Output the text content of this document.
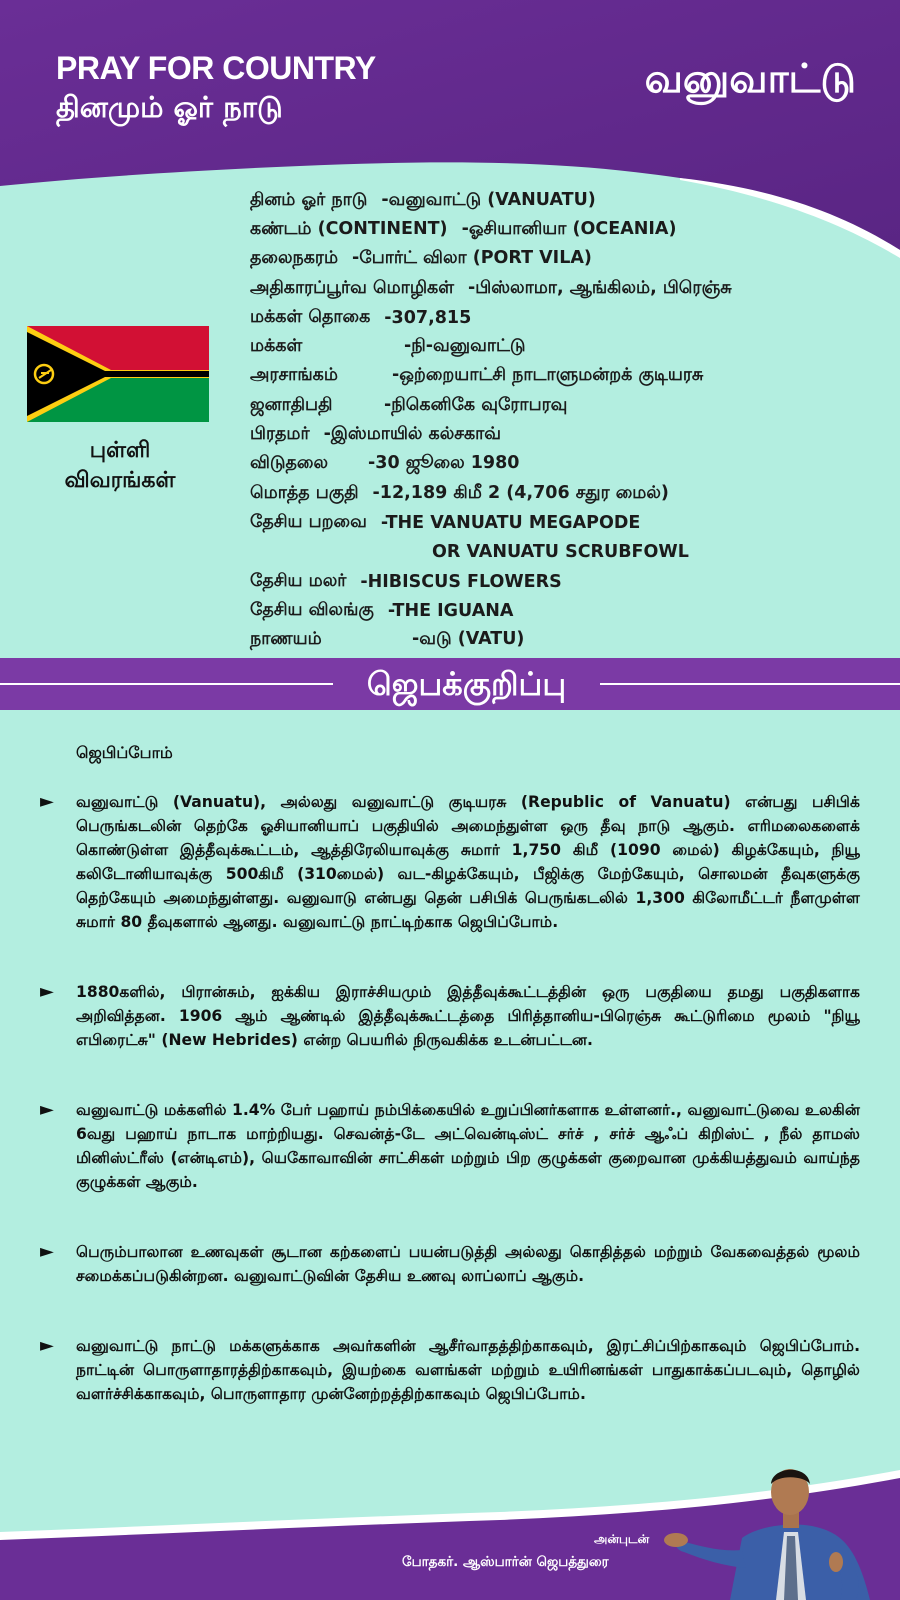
PRAY FOR COUNTRY
தினமும் ஓர் நாடு
வனுவாட்டு
புள்ளி
விவரங்கள்
தினம் ஓர் நாடு -வனுவாட்டு (VANUATU)
கண்டம் (CONTINENT) -ஓசியானியா (OCEANIA)
தலைநகரம் -போர்ட் விலா (PORT VILA)
அதிகாரப்பூர்வ மொழிகள் -பிஸ்லாமா, ஆங்கிலம், பிரெஞ்சு
மக்கள் தொகை -307,815
மக்கள்	-நி-வனுவாட்டு
அரசாங்கம்	-ஒற்றையாட்சி நாடாளுமன்றக் குடியரசு
ஜனாதிபதி	-நிகெனிகே வுரோபரவு
பிரதமர் -இஸ்மாயில் கல்சகாவ்
விடுதலை	-30 ஜூலை 1980
மொத்த பகுதி -12,189 கிமீ 2 (4,706 சதுர மைல்)
தேசிய பறவை -THE VANUATU MEGAPODE
OR VANUATU SCRUBFOWL
தேசிய மலர் -HIBISCUS FLOWERS
தேசிய விலங்கு -THE IGUANA
நாணயம்	-வடு (VATU)
ஜெபக்குறிப்பு
ஜெபிப்போம்
► வனுவாட்டு (Vanuatu), அல்லது வனுவாட்டு குடியரசு (Republic of Vanuatu) என்பது பசிபிக் பெருங்கடலின் தெற்கே ஓசியானியாப் பகுதியில் அமைந்துள்ள ஒரு தீவு நாடு ஆகும். எரிமலைகளைக் கொண்டுள்ள இத்தீவுக்கூட்டம், ஆத்திரேலியாவுக்கு சுமார் 1,750 கிமீ (1090 மைல்) கிழக்கேயும், நியூ கலிடோனியாவுக்கு 500கிமீ (310மைல்) வட-கிழக்கேயும், பீஜிக்கு மேற்கேயும், சொலமன் தீவுகளுக்கு தெற்கேயும் அமைந்துள்ளது. வனுவாடு என்பது தென் பசிபிக் பெருங்கடலில் 1,300 கிலோமீட்டர் நீளமுள்ள சுமார் 80 தீவுகளால் ஆனது. வனுவாட்டு நாட்டிற்காக ஜெபிப்போம்.
► 1880களில், பிரான்சும், ஐக்கிய இராச்சியமும் இத்தீவுக்கூட்டத்தின் ஒரு பகுதியை தமது பகுதிகளாக அறிவித்தன. 1906 ஆம் ஆண்டில் இத்தீவுக்கூட்டத்தை பிரித்தானிய-பிரெஞ்சு கூட்டுரிமை மூலம் "நியூ எபிரைட்சு" (New Hebrides) என்ற பெயரில் நிருவகிக்க உடன்பட்டன.
► வனுவாட்டு மக்களில் 1.4% பேர் பஹாய் நம்பிக்கையில் உறுப்பினர்களாக உள்ளனர்., வனுவாட்டுவை உலகின் 6வது பஹாய் நாடாக மாற்றியது. செவன்த்-டே அட்வென்டிஸ்ட் சர்ச் , சர்ச் ஆஃப் கிறிஸ்ட் , நீல் தாமஸ் மினிஸ்ட்ரீஸ் (என்டிஎம்), யெகோவாவின் சாட்சிகள் மற்றும் பிற குழுக்கள் குறைவான முக்கியத்துவம் வாய்ந்த குழுக்கள் ஆகும்.
► பெரும்பாலான உணவுகள் சூடான கற்களைப் பயன்படுத்தி அல்லது கொதித்தல் மற்றும் வேகவைத்தல் மூலம் சமைக்கப்படுகின்றன. வனுவாட்டுவின் தேசிய உணவு லாப்லாப் ஆகும்.
► வனுவாட்டு நாட்டு மக்களுக்காக அவர்களின் ஆசீர்வாதத்திற்காகவும், இரட்சிப்பிற்காகவும் ஜெபிப்போம். நாட்டின் பொருளாதாரத்திற்காகவும், இயற்கை வளங்கள் மற்றும் உயிரினங்கள் பாதுகாக்கப்படவும், தொழில் வளர்ச்சிக்காகவும், பொருளாதார முன்னேற்றத்திற்காகவும் ஜெபிப்போம்.
அன்புடன்
போதகர். ஆஸ்பார்ன் ஜெபத்துரை
